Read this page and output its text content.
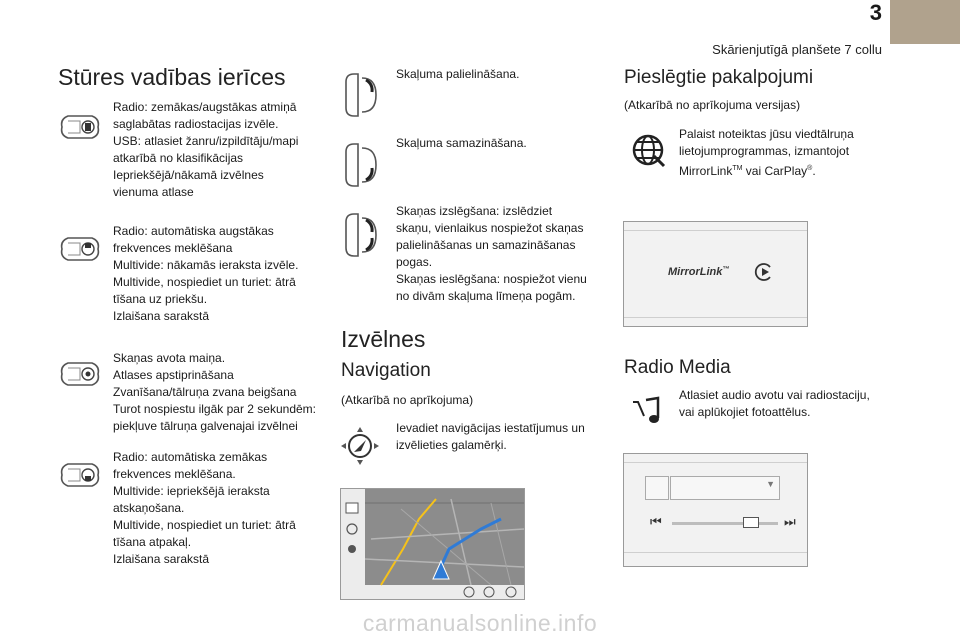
3
Skārienjutīgā planšete 7 collu
Stūres vadības ierīces
Radio: zemākas/augstākas atmiņā
saglabātas radiostacijas izvēle.
USB: atlasiet žanru/izpildītāju/mapi
atkarībā no klasifikācijas
Iepriekšējā/nākamā izvēlnes
vienuma atlase
Radio: automātiska augstākas
frekvences meklēšana
Multivide: nākamās ieraksta izvēle.
Multivide, nospiediet un turiet: ātrā
tīšana uz priekšu.
Izlaišana sarakstā
Skaņas avota maiņa.
Atlases apstiprināšana
Zvanīšana/tālruņa zvana beigšana
Turot nospiestu ilgāk par 2 sekundēm:
piekļuve tālruņa galvenajai izvēlnei
Radio: automātiska zemākas
frekvences meklēšana.
Multivide: iepriekšējā ieraksta
atskaņošana.
Multivide, nospiediet un turiet: ātrā
tīšana atpakaļ.
Izlaišana sarakstā
Skaļuma palielināšana.
Skaļuma samazināšana.
Skaņas izslēgšana: izslēdziet
skaņu, vienlaikus nospiežot skaņas
palielināšanas un samazināšanas
pogas.
Skaņas ieslēgšana: nospiežot vienu
no divām skaļuma līmeņa pogām.
Izvēlnes
Navigation
(Atkarībā no aprīkojuma)
Ievadiet navigācijas iestatījumus un
izvēlieties galamērķi.
Pieslēgtie pakalpojumi
(Atkarībā no aprīkojuma versijas)
Palaist noteiktas jūsu viedtālruņa
lietojumprogrammas, izmantojot
MirrorLink™ vai CarPlay®.
MirrorLink™
Radio Media
Atlasiet audio avotu vai radiostaciju,
vai aplūkojiet fotoattēlus.
▼
⏮	⏭
carmanualsonline.info
